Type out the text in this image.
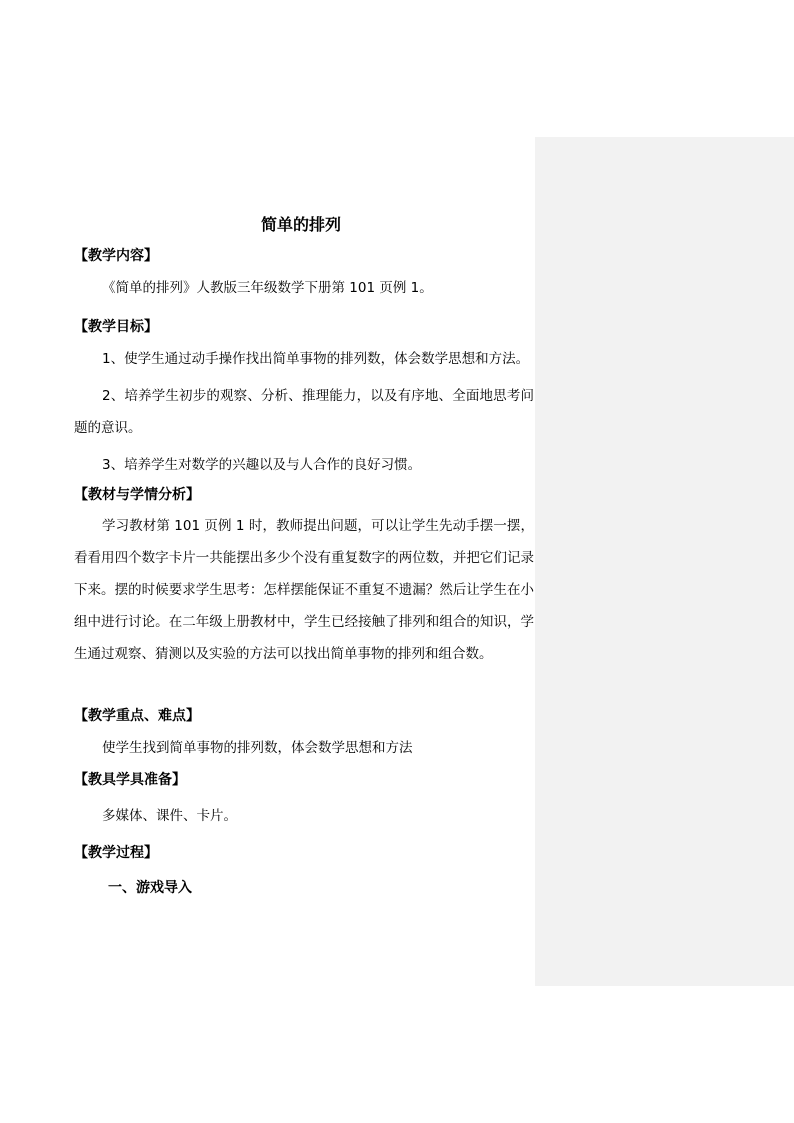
简单的排列
【教学内容】
《简单的排列》人教版三年级数学下册第 101 页例 1。
【教学目标】
1、使学生通过动手操作找出简单事物的排列数，体会数学思想和方法。
2、培养学生初步的观察、分析、推理能力，以及有序地、全面地思考问题的意识。
3、培养学生对数学的兴趣以及与人合作的良好习惯。
【教材与学情分析】
学习教材第 101 页例 1 时，教师提出问题，可以让学生先动手摆一摆，看看用四个数字卡片一共能摆出多少个没有重复数字的两位数，并把它们记录下来。摆的时候要求学生思考：怎样摆能保证不重复不遗漏？然后让学生在小组中进行讨论。在二年级上册教材中，学生已经接触了排列和组合的知识，学生通过观察、猜测以及实验的方法可以找出简单事物的排列和组合数。
【教学重点、难点】
使学生找到简单事物的排列数，体会数学思想和方法
【教具学具准备】
多媒体、课件、卡片。
【教学过程】
一、游戏导入
